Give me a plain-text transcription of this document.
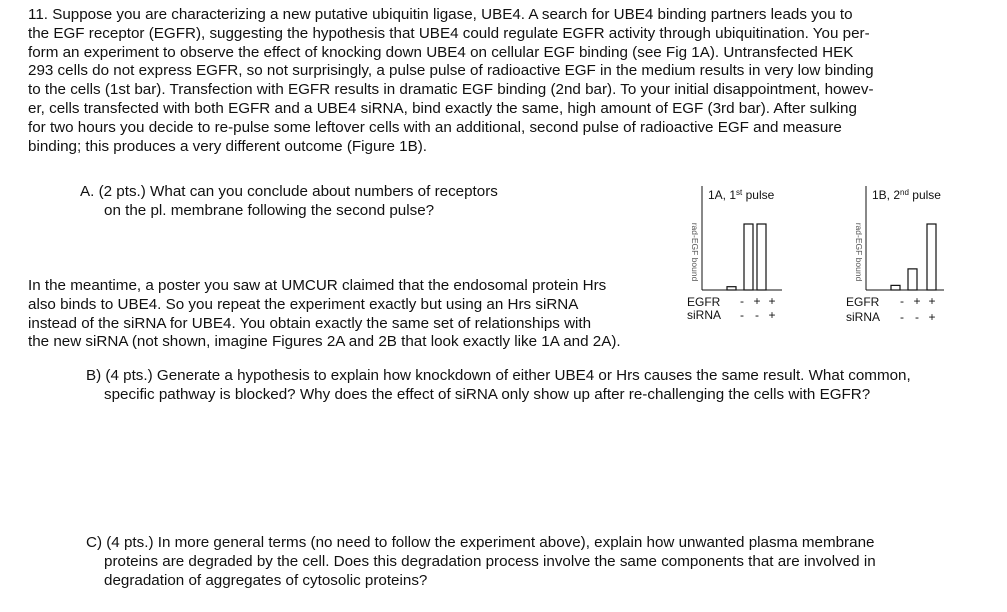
11. Suppose you are characterizing a new putative ubiquitin ligase, UBE4. A search for UBE4 binding partners leads you to
the EGF receptor (EGFR), suggesting the hypothesis that UBE4 could regulate EGFR activity through ubiquitination. You per-
form an experiment to observe the effect of knocking down UBE4 on cellular EGF binding (see Fig 1A). Untransfected HEK
293 cells do not express EGFR, so not surprisingly, a pulse pulse of radioactive EGF in the medium results in very low binding
to the cells (1st bar). Transfection with EGFR results in dramatic EGF binding (2nd bar). To your initial disappointment, howev-
er, cells transfected with both EGFR and a UBE4 siRNA, bind exactly the same, high amount of EGF (3rd bar). After sulking
for two hours you decide to re-pulse some leftover cells with an additional, second pulse of radioactive EGF and measure
binding; this produces a very different outcome (Figure 1B).
A. (2 pts.) What can you conclude about numbers of receptors
on the pl. membrane following the second pulse?
In the meantime, a poster you saw at UMCUR claimed that the endosomal protein Hrs
also binds to UBE4. So you repeat the experiment exactly but using an Hrs siRNA
instead of the siRNA for UBE4. You obtain exactly the same set of relationships with
the new siRNA (not shown, imagine Figures 2A and 2B that look exactly like 1A and 2A).
B) (4 pts.) Generate a hypothesis to explain how knockdown of either UBE4 or Hrs causes the same result. What common,
specific pathway is blocked? Why does the effect of siRNA only show up after re-challenging the cells with EGFR?
C) (4 pts.) In more general terms (no need to follow the experiment above), explain how unwanted plasma membrane
proteins are degraded by the cell. Does this degradation process involve the same components that are involved in
degradation of aggregates of cytosolic proteins?
1A, 1st pulse
rad-EGF bound
EGFR
siRNA
- + +
- - +
1B, 2nd pulse
rad-EGF bound
EGFR
siRNA
- + +
- - +
